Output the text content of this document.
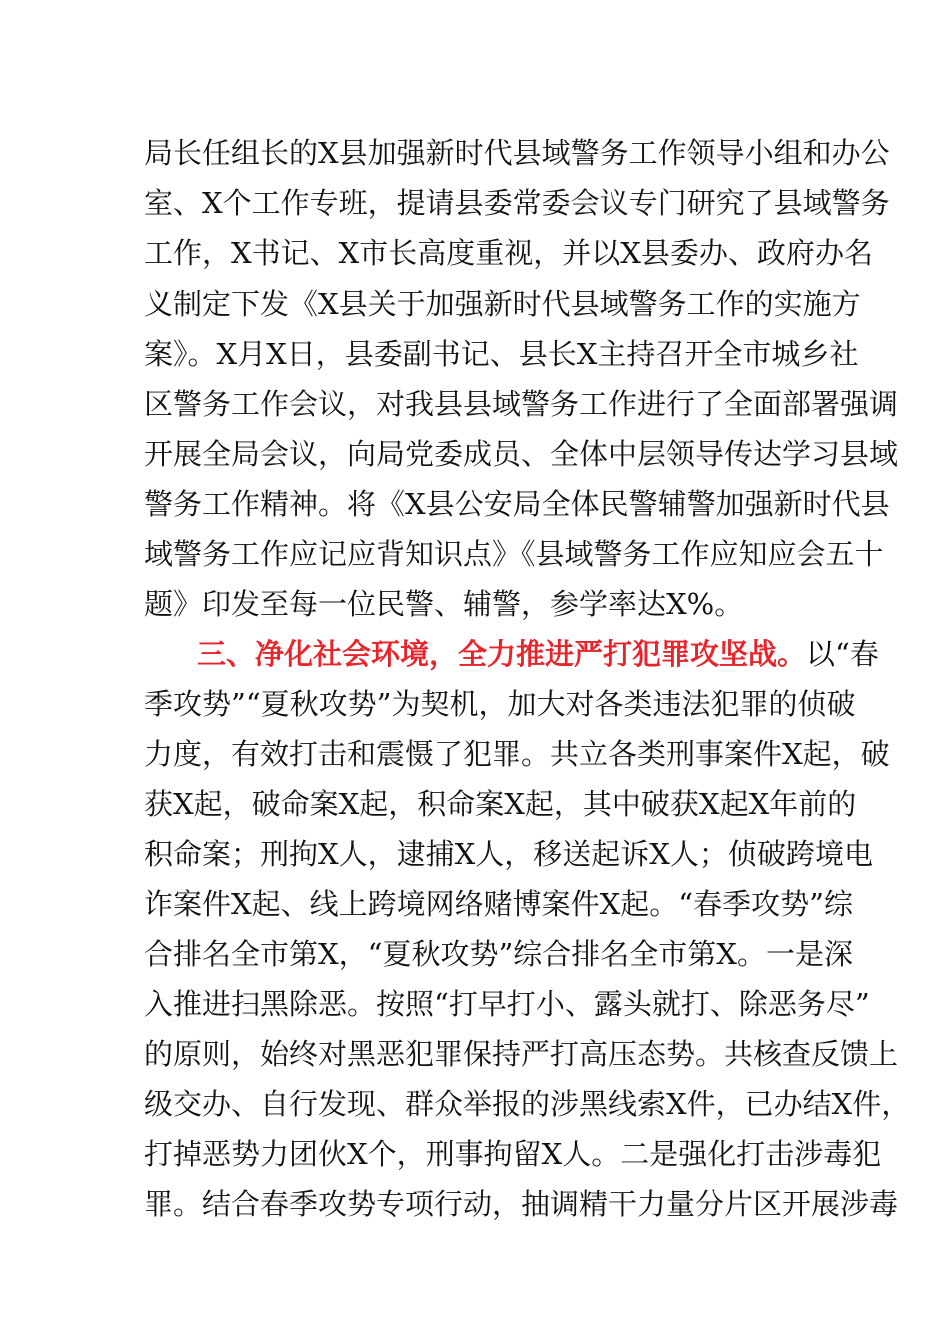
局长任组长的X县加强新时代县域警务工作领导小组和办公
室、X个工作专班，提请县委常委会议专门研究了县域警务
工作，X书记、X市长高度重视，并以X县委办、政府办名
义制定下发《X县关于加强新时代县域警务工作的实施方
案》。X月X日，县委副书记、县长X主持召开全市城乡社
区警务工作会议，对我县县域警务工作进行了全面部署强调
开展全局会议，向局党委成员、全体中层领导传达学习县域
警务工作精神。将《X县公安局全体民警辅警加强新时代县
域警务工作应记应背知识点》《县域警务工作应知应会五十
题》印发至每一位民警、辅警，参学率达X%。
三、净化社会环境，全力推进严打犯罪攻坚战。以“春
季攻势”“夏秋攻势”为契机，加大对各类违法犯罪的侦破
力度，有效打击和震慑了犯罪。共立各类刑事案件X起，破
获X起，破命案X起，积命案X起，其中破获X起X年前的
积命案；刑拘X人，逮捕X人，移送起诉X人；侦破跨境电
诈案件X起、线上跨境网络赌博案件X起。“春季攻势”综
合排名全市第X，“夏秋攻势”综合排名全市第X。一是深
入推进扫黑除恶。按照“打早打小、露头就打、除恶务尽”
的原则，始终对黑恶犯罪保持严打高压态势。共核查反馈上
级交办、自行发现、群众举报的涉黑线索X件，已办结X件，
打掉恶势力团伙X个，刑事拘留X人。二是强化打击涉毒犯
罪。结合春季攻势专项行动，抽调精干力量分片区开展涉毒
